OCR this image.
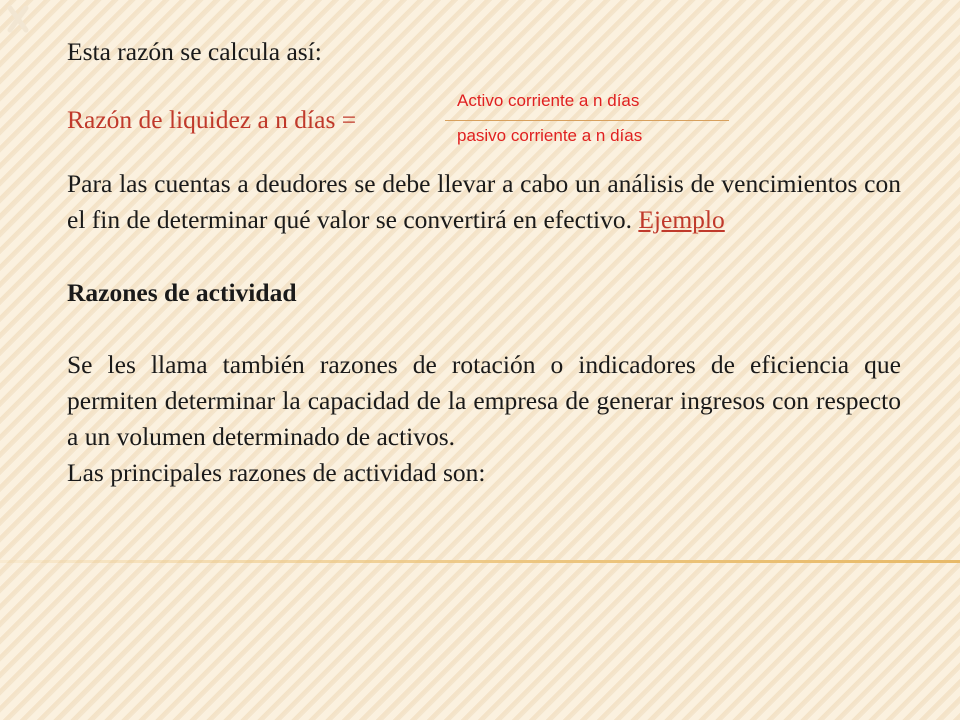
Esta razón se calcula así:

Razón de liquidez a n días =
Activo corriente a n días
pasivo corriente a n días

Para las cuentas a deudores se debe llevar a cabo un análisis de vencimientos con el fin de determinar qué valor se convertirá en efectivo. Ejemplo

Razones de actividad

Se les llama también razones de rotación o indicadores de eficiencia que permiten determinar la capacidad de la empresa de generar ingresos con respecto a un volumen determinado de activos.

Las principales razones de actividad son:
